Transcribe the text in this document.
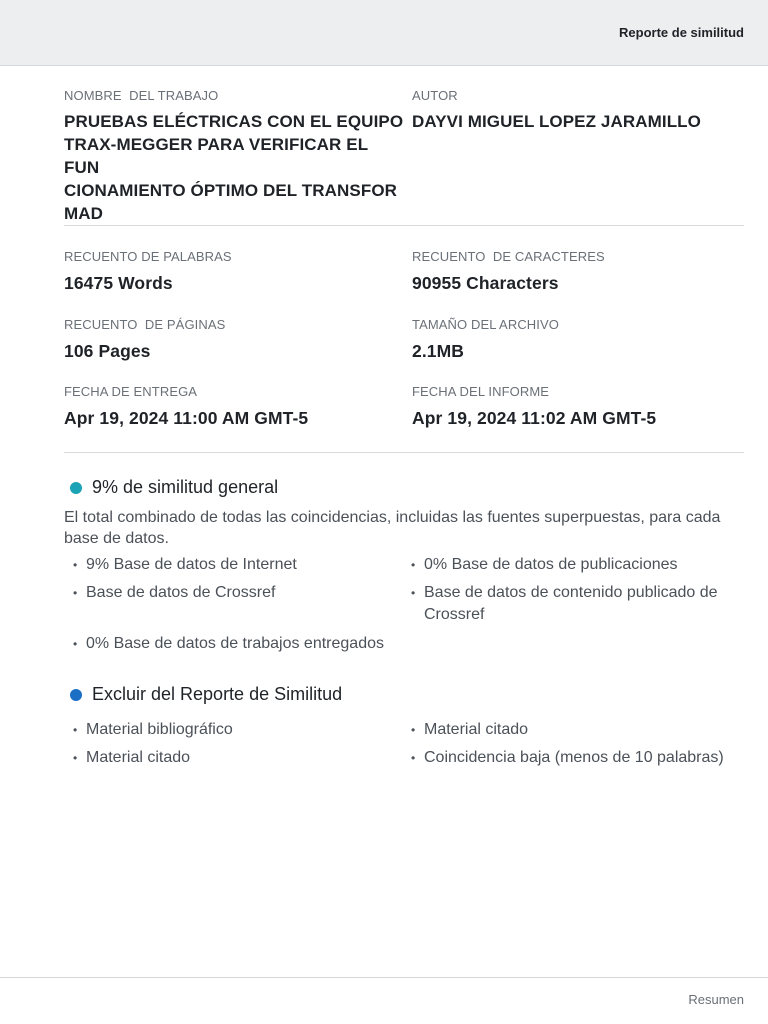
Reporte de similitud
NOMBRE  DEL TRABAJO
PRUEBAS ELÉCTRICAS CON EL EQUIPO
TRAX-MEGGER PARA VERIFICAR EL FUN
CIONAMIENTO ÓPTIMO DEL TRANSFOR
MAD
AUTOR
DAYVI MIGUEL LOPEZ JARAMILLO
RECUENTO DE PALABRAS
16475 Words
RECUENTO  DE CARACTERES
90955 Characters
RECUENTO  DE PÁGINAS
106 Pages
TAMAÑO DEL ARCHIVO
2.1MB
FECHA DE ENTREGA
Apr 19, 2024 11:00 AM GMT-5
FECHA DEL INFORME
Apr 19, 2024 11:02 AM GMT-5
9% de similitud general
El total combinado de todas las coincidencias, incluidas las fuentes superpuestas, para cada base de datos.
• 9% Base de datos de Internet	• 0% Base de datos de publicaciones
• Base de datos de Crossref	• Base de datos de contenido publicado de Crossref
• 0% Base de datos de trabajos entregados
Excluir del Reporte de Similitud
• Material bibliográfico	• Material citado
• Material citado	• Coincidencia baja (menos de 10 palabras)
Resumen
